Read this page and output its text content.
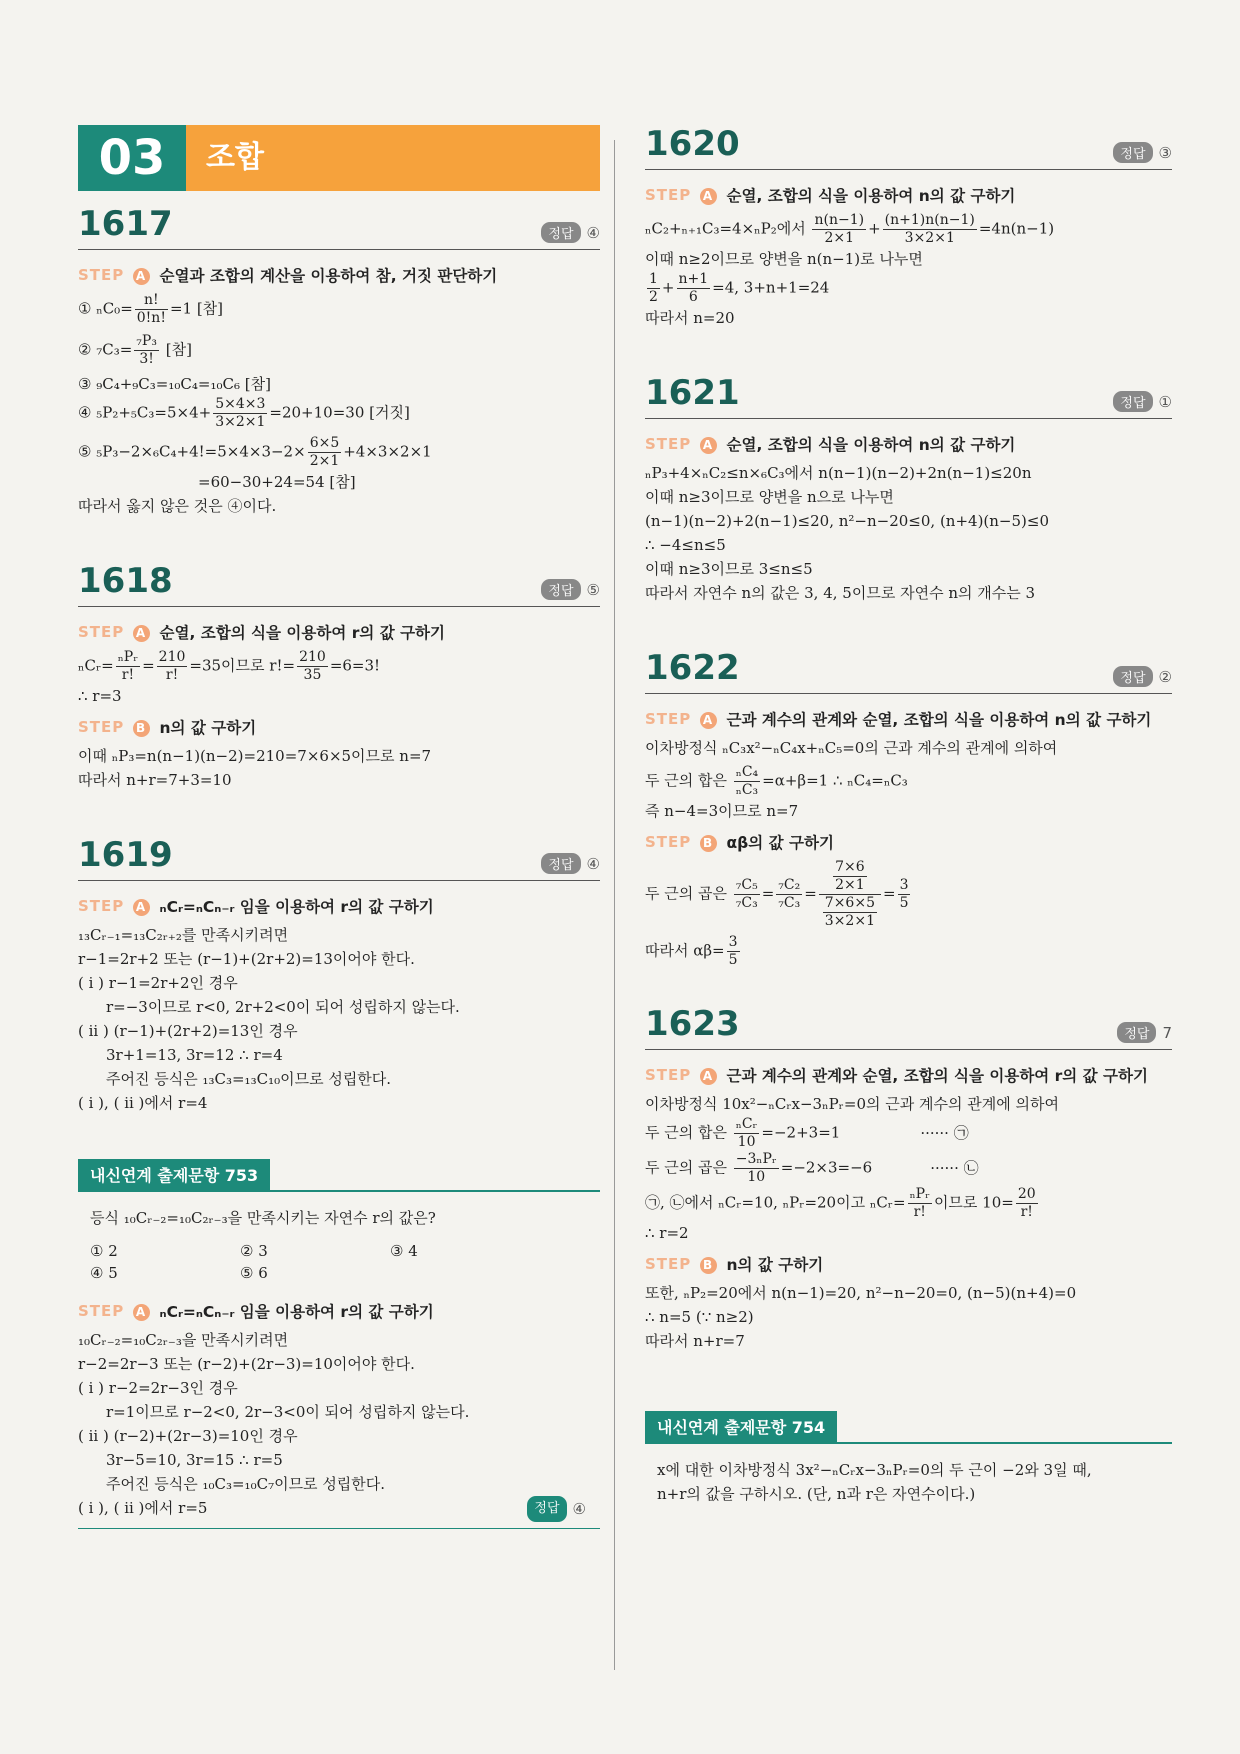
03	조합
1617	정답 ④
STEP A 순열과 조합의 계산을 이용하여 참, 거짓 판단하기
① $_nC_0= \frac{n!}{0!n!} =1$ [참]
② $_7C_3= \frac{\text{₇P₃}}{3!}$ [참]
③ ₉C₄+₉C₃=₁₀C₄=₁₀C₆ [참]
④ $_5P_2+_5C_3=5\times 4+ \frac{5\times 4\times 3}{3\times 2\times 1} =20+10=30$ [거짓]
⑤ $_5P_3-2\times_6C_4+4!=5\times 4\times 3-2\times \frac{6\times 5}{2\times 1} +4\times 3\times 2\times 1$
=60−30+24=54 [참]
따라서 옳지 않은 것은 ④이다.
1618	정답 ⑤
STEP A 순열, 조합의 식을 이용하여 r의 값 구하기
ₙCᵣ= $\frac{\text{ₙPᵣ}}{r!} = \frac{210}{r!} =35$이므로 $r!= \frac{210}{35} =6=3$!
∴ r=3
STEP B n의 값 구하기
이때 ₙP₃=n(n−1)(n−2)=210=7×6×5이므로 n=7
따라서 n+r=7+3=10
1619	정답 ④
STEP A ₙCᵣ=ₙCₙ₋ᵣ 임을 이용하여 r의 값 구하기
₁₃Cᵣ₋₁=₁₃C₂ᵣ₊₂를 만족시키려면
r−1=2r+2 또는 (r−1)+(2r+2)=13이어야 한다.
( i ) r−1=2r+2인 경우
r=−3이므로 r<0, 2r+2<0이 되어 성립하지 않는다.
( ii ) (r−1)+(2r+2)=13인 경우
3r+1=13, 3r=12 ∴ r=4
주어진 등식은 ₁₃C₃=₁₃C₁₀이므로 성립한다.
( i ), ( ii )에서 r=4
내신연계 출제문항 753
등식 ₁₀Cᵣ₋₂=₁₀C₂ᵣ₋₃을 만족시키는 자연수 r의 값은?
① 2	② 3	③ 4
④ 5	⑤ 6
STEP A ₙCᵣ=ₙCₙ₋ᵣ 임을 이용하여 r의 값 구하기
₁₀Cᵣ₋₂=₁₀C₂ᵣ₋₃을 만족시키려면
r−2=2r−3 또는 (r−2)+(2r−3)=10이어야 한다.
( i ) r−2=2r−3인 경우
r=1이므로 r−2<0, 2r−3<0이 되어 성립하지 않는다.
( ii ) (r−2)+(2r−3)=10인 경우
3r−5=10, 3r=15 ∴ r=5
주어진 등식은 ₁₀C₃=₁₀C₇이므로 성립한다.
( i ), ( ii )에서 r=5	정답 ④
1620	정답 ③
STEP A 순열, 조합의 식을 이용하여 n의 값 구하기
ₙC₂+ₙ₊₁C₃=4×ₙP₂에서 $\frac{n(n-1)}{2\times 1} + \frac{(n+1)n(n-1)}{3\times 2\times 1} =4n(n-1)$
이때 n≥2이므로 양변을 n(n−1)로 나누면
$\frac{1}{2} + \frac{n+1}{6} =4$, 3+n+1=24
따라서 n=20
1621	정답 ①
STEP A 순열, 조합의 식을 이용하여 n의 값 구하기
ₙP₃+4×ₙC₂≤n×₆C₃에서 n(n−1)(n−2)+2n(n−1)≤20n
이때 n≥3이므로 양변을 n으로 나누면
(n−1)(n−2)+2(n−1)≤20, n²−n−20≤0, (n+4)(n−5)≤0
∴ −4≤n≤5
이때 n≥3이므로 3≤n≤5
따라서 자연수 n의 값은 3, 4, 5이므로 자연수 n의 개수는 3
1622	정답 ②
STEP A 근과 계수의 관계와 순열, 조합의 식을 이용하여 n의 값 구하기
이차방정식 ₙC₃x²−ₙC₄x+ₙC₅=0의 근과 계수의 관계에 의하여
두 근의 합은 $\frac{\text{ₙC₄}}{\text{ₙC₃}} =\alpha+\beta=1$ ∴ ₙC₄=ₙC₃
즉 n−4=3이므로 n=7
STEP B αβ의 값 구하기
두 근의 곱은 $\frac{\text{₇C₅}}{\text{₇C₃}} = \frac{\text{₇C₂}}{\text{₇C₃}} = \frac{\frac{7\times 6}{2\times 1}}{\frac{7\times 6\times 5}{3\times 2\times 1}} = \frac{3}{5}$
따라서 $\alpha\beta= \frac{3}{5}$
1623	정답 7
STEP A 근과 계수의 관계와 순열, 조합의 식을 이용하여 r의 값 구하기
이차방정식 10x²−ₙCᵣx−3ₙPᵣ=0의 근과 계수의 관계에 의하여
두 근의 합은 $\frac{\text{ₙCᵣ}}{10} =-2+3=1$	······ ㉠
두 근의 곱은 $\frac{\text{−3ₙPᵣ}}{10} =-2\times 3=-6$	······ ㉡
㉠, ㉡에서 ₙCᵣ=10, ₙPᵣ=20이고 ₙCᵣ= $\frac{\text{ₙPᵣ}}{r!}$ 이므로 $10= \frac{20}{r!}$
∴ r=2
STEP B n의 값 구하기
또한, ₙP₂=20에서 n(n−1)=20, n²−n−20=0, (n−5)(n+4)=0
∴ n=5 (∵ n≥2)
따라서 n+r=7
내신연계 출제문항 754
x에 대한 이차방정식 3x²−ₙCᵣx−3ₙPᵣ=0의 두 근이 −2와 3일 때,
n+r의 값을 구하시오. (단, n과 r은 자연수이다.)
